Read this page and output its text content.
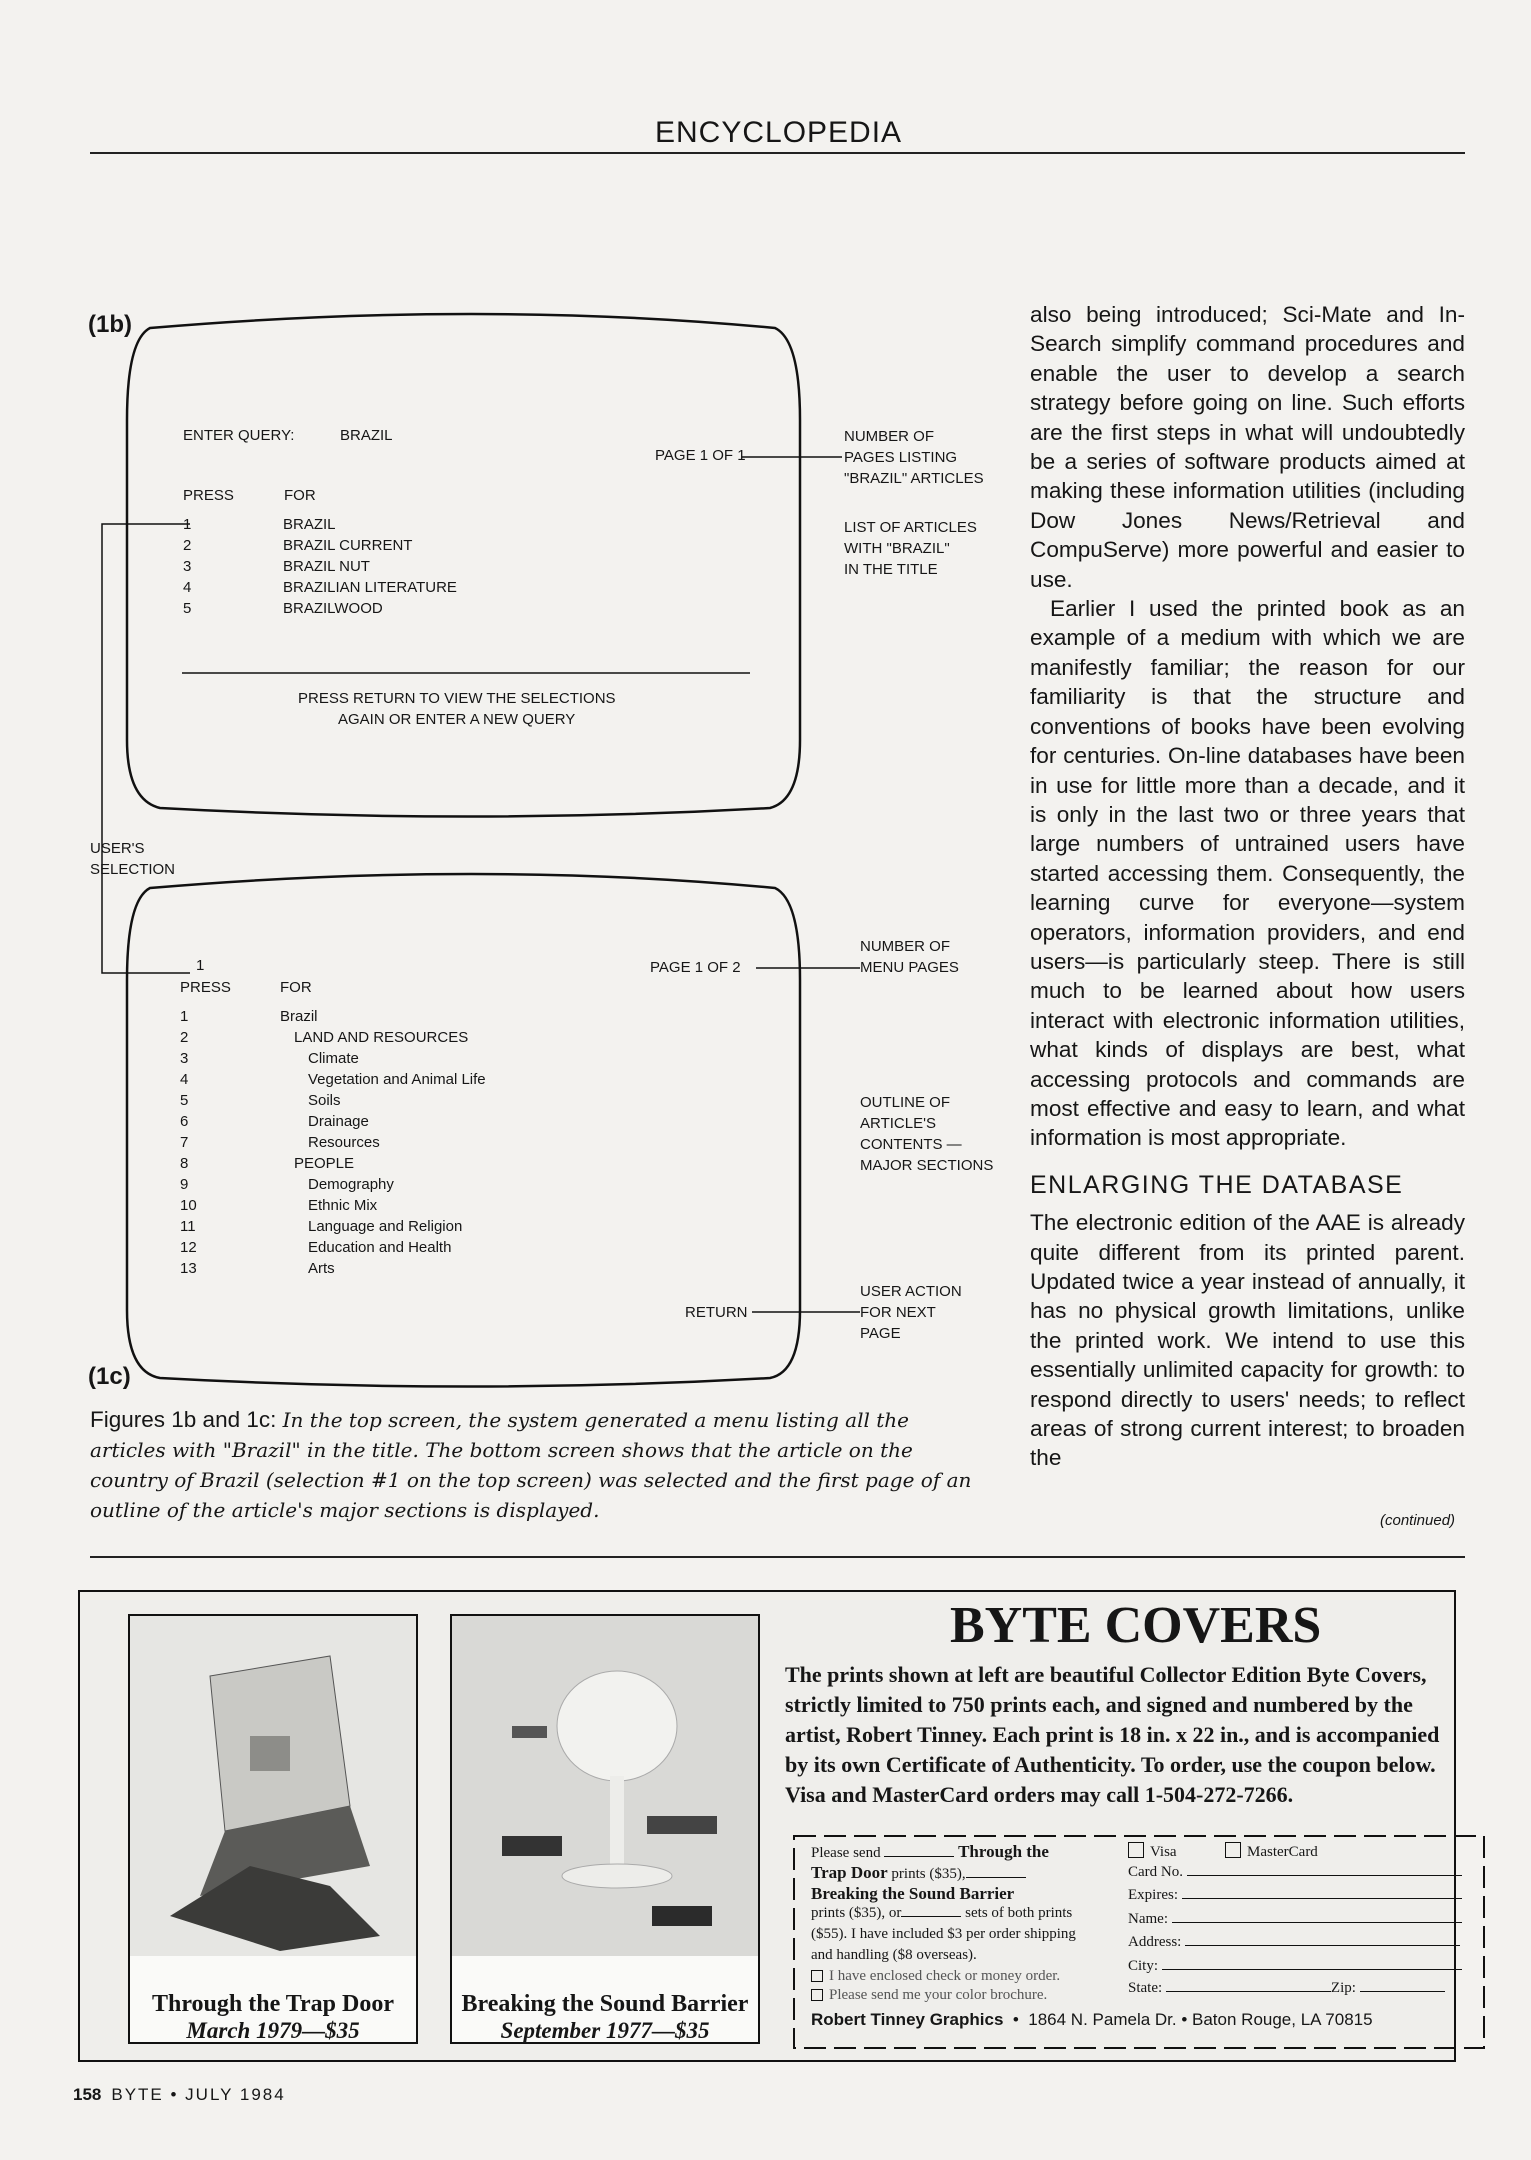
ENCYCLOPEDIA
(1b)
(1c)
ENTER QUERY:	BRAZIL
PAGE 1 OF 1
PRESS	FOR
1	BRAZIL
2	BRAZIL CURRENT
3	BRAZIL NUT
4	BRAZILIAN LITERATURE
5	BRAZILWOOD
PRESS RETURN TO VIEW THE SELECTIONS
AGAIN OR ENTER A NEW QUERY
NUMBER OF
PAGES LISTING
"BRAZIL" ARTICLES
LIST OF ARTICLES
WITH "BRAZIL"
IN THE TITLE
USER'S
SELECTION
1	PAGE 1 OF 2
PRESS	FOR
1	Brazil
2	LAND AND RESOURCES
3	Climate
4	Vegetation and Animal Life
5	Soils
6	Drainage
7	Resources
8	PEOPLE
9	Demography
10	Ethnic Mix
11	Language and Religion
12	Education and Health
13	Arts
RETURN
NUMBER OF
MENU PAGES
OUTLINE OF
ARTICLE'S
CONTENTS —
MAJOR SECTIONS
USER ACTION
FOR NEXT
PAGE
Figures 1b and 1c: In the top screen, the system generated a menu listing all the articles with "Brazil" in the title. The bottom screen shows that the article on the country of Brazil (selection #1 on the top screen) was selected and the first page of an outline of the article's major sections is displayed.

also being introduced; Sci-Mate and In-Search simplify command procedures and enable the user to develop a search strategy before going on line. Such efforts are the first steps in what will undoubtedly be a series of software products aimed at making these information utilities (including Dow Jones News/Retrieval and CompuServe) more powerful and easier to use.

Earlier I used the printed book as an example of a medium with which we are manifestly familiar; the reason for our familiarity is that the structure and conventions of books have been evolving for centuries. On-line databases have been in use for little more than a decade, and it is only in the last two or three years that large numbers of untrained users have started accessing them. Consequently, the learning curve for everyone—system operators, information providers, and end users—is particularly steep. There is still much to be learned about how users interact with electronic information utilities, what kinds of displays are best, what accessing protocols and commands are most effective and easy to learn, and what information is most appropriate.

ENLARGING THE DATABASE

The electronic edition of the AAE is already quite different from its printed parent. Updated twice a year instead of annually, it has no physical growth limitations, unlike the printed work. We intend to use this essentially unlimited capacity for growth: to respond directly to users' needs; to reflect areas of strong current interest; to broaden the

(continued)
Through the Trap Door
March 1979—$35
Breaking the Sound Barrier
September 1977—$35
BYTE COVERS
The prints shown at left are beautiful Collector Edition Byte Covers, strictly limited to 750 prints each, and signed and numbered by the artist, Robert Tinney. Each print is 18 in. x 22 in., and is accompanied by its own Certificate of Authenticity. To order, use the coupon below. Visa and MasterCard orders may call 1-504-272-7266.
Please send	Through the
Trap Door prints ($35),
Breaking the Sound Barrier
prints ($35), or	sets of both prints
($55). I have included $3 per order shipping
and handling ($8 overseas).
I have enclosed check or money order.
Please send me your color brochure.
Visa	MasterCard
Card No.
Expires:
Name:
Address:
City:
State:	Zip:
Robert Tinney Graphics  •  1864 N. Pamela Dr. • Baton Rouge, LA 70815
158 BYTE • JULY 1984
